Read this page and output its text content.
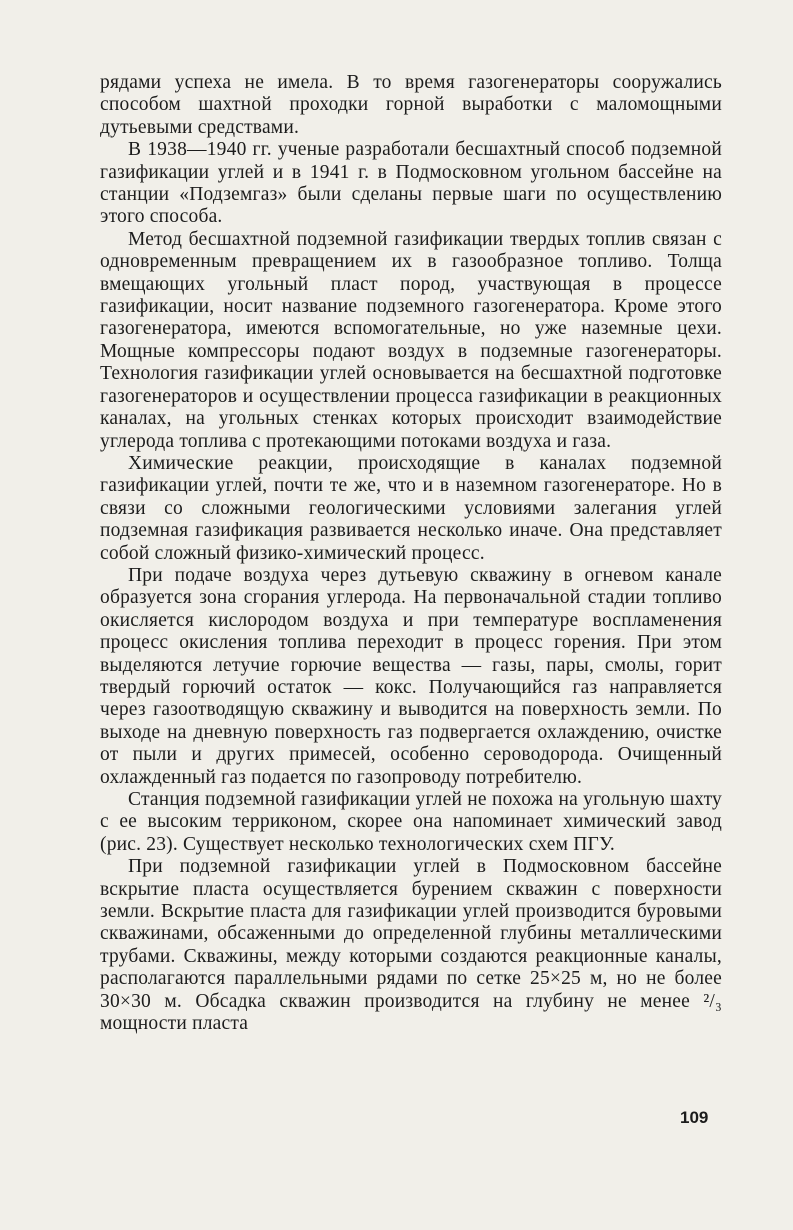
рядами успеха не имела. В то время газогенераторы сооружались способом шахтной проходки горной выработки с маломощными дутьевыми средствами.

В 1938—1940 гг. ученые разработали бесшахтный способ подземной газификации углей и в 1941 г. в Подмосковном угольном бассейне на станции «Подземгаз» были сделаны первые шаги по осуществлению этого способа.

Метод бесшахтной подземной газификации твердых топлив связан с одновременным превращением их в газообразное топливо. Толща вмещающих угольный пласт пород, участвующая в процессе газификации, носит название подземного газогенератора. Кроме этого газогенератора, имеются вспомогательные, но уже наземные цехи. Мощные компрессоры подают воздух в подземные газогенераторы. Технология газификации углей основывается на бесшахтной подготовке газогенераторов и осуществлении процесса газификации в реакционных каналах, на угольных стенках которых происходит взаимодействие углерода топлива с протекающими потоками воздуха и газа.

Химические реакции, происходящие в каналах подземной газификации углей, почти те же, что и в наземном газогенераторе. Но в связи со сложными геологическими условиями залегания углей подземная газификация развивается несколько иначе. Она представляет собой сложный физико-химический процесс.

При подаче воздуха через дутьевую скважину в огневом канале образуется зона сгорания углерода. На первоначальной стадии топливо окисляется кислородом воздуха и при температуре воспламенения процесс окисления топлива переходит в процесс горения. При этом выделяются летучие горючие вещества — газы, пары, смолы, горит твердый горючий остаток — кокс. Получающийся газ направляется через газоотводящую скважину и выводится на поверхность земли. По выходе на дневную поверхность газ подвергается охлаждению, очистке от пыли и других примесей, особенно сероводорода. Очищенный охлажденный газ подается по газопроводу потребителю.

Станция подземной газификации углей не похожа на угольную шахту с ее высоким терриконом, скорее она напоминает химический завод (рис. 23). Существует несколько технологических схем ПГУ.

При подземной газификации углей в Подмосковном бассейне вскрытие пласта осуществляется бурением скважин с поверхности земли. Вскрытие пласта для газификации углей производится буровыми скважинами, обсаженными до определенной глубины металлическими трубами. Скважины, между которыми создаются реакционные каналы, располагаются параллельными рядами по сетке 25×25 м, но не более 30×30 м. Обсадка скважин производится на глубину не менее ²/₃ мощности пласта

109
